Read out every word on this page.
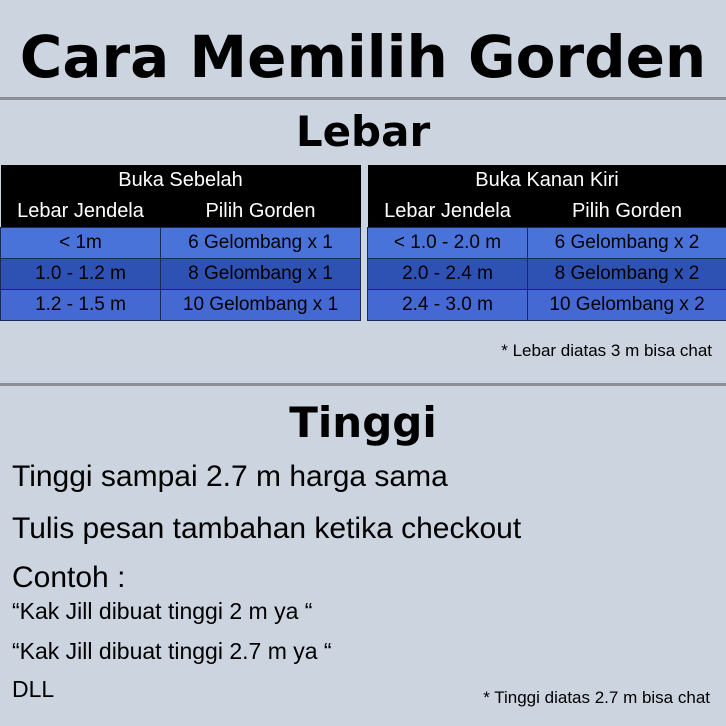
Cara Memilih Gorden
Lebar
Buka Sebelah	
Lebar Jendela	Pilih Gorden
< 1m	6 Gelombang x 1
1.0 - 1.2 m	8 Gelombang x 1
1.2 - 1.5 m	10 Gelombang x 1
Buka Kanan Kiri	
Lebar Jendela	Pilih Gorden
< 1.0 - 2.0 m	6 Gelombang x 2
2.0 - 2.4 m	8 Gelombang x 2
2.4 - 3.0 m	10 Gelombang x 2
* Lebar diatas 3 m bisa chat
Tinggi
Tinggi sampai 2.7 m harga sama
Tulis pesan tambahan ketika checkout
Contoh :
“Kak Jill dibuat tinggi 2 m ya “
“Kak Jill dibuat tinggi 2.7 m ya “
DLL	* Tinggi diatas 2.7 m bisa chat
